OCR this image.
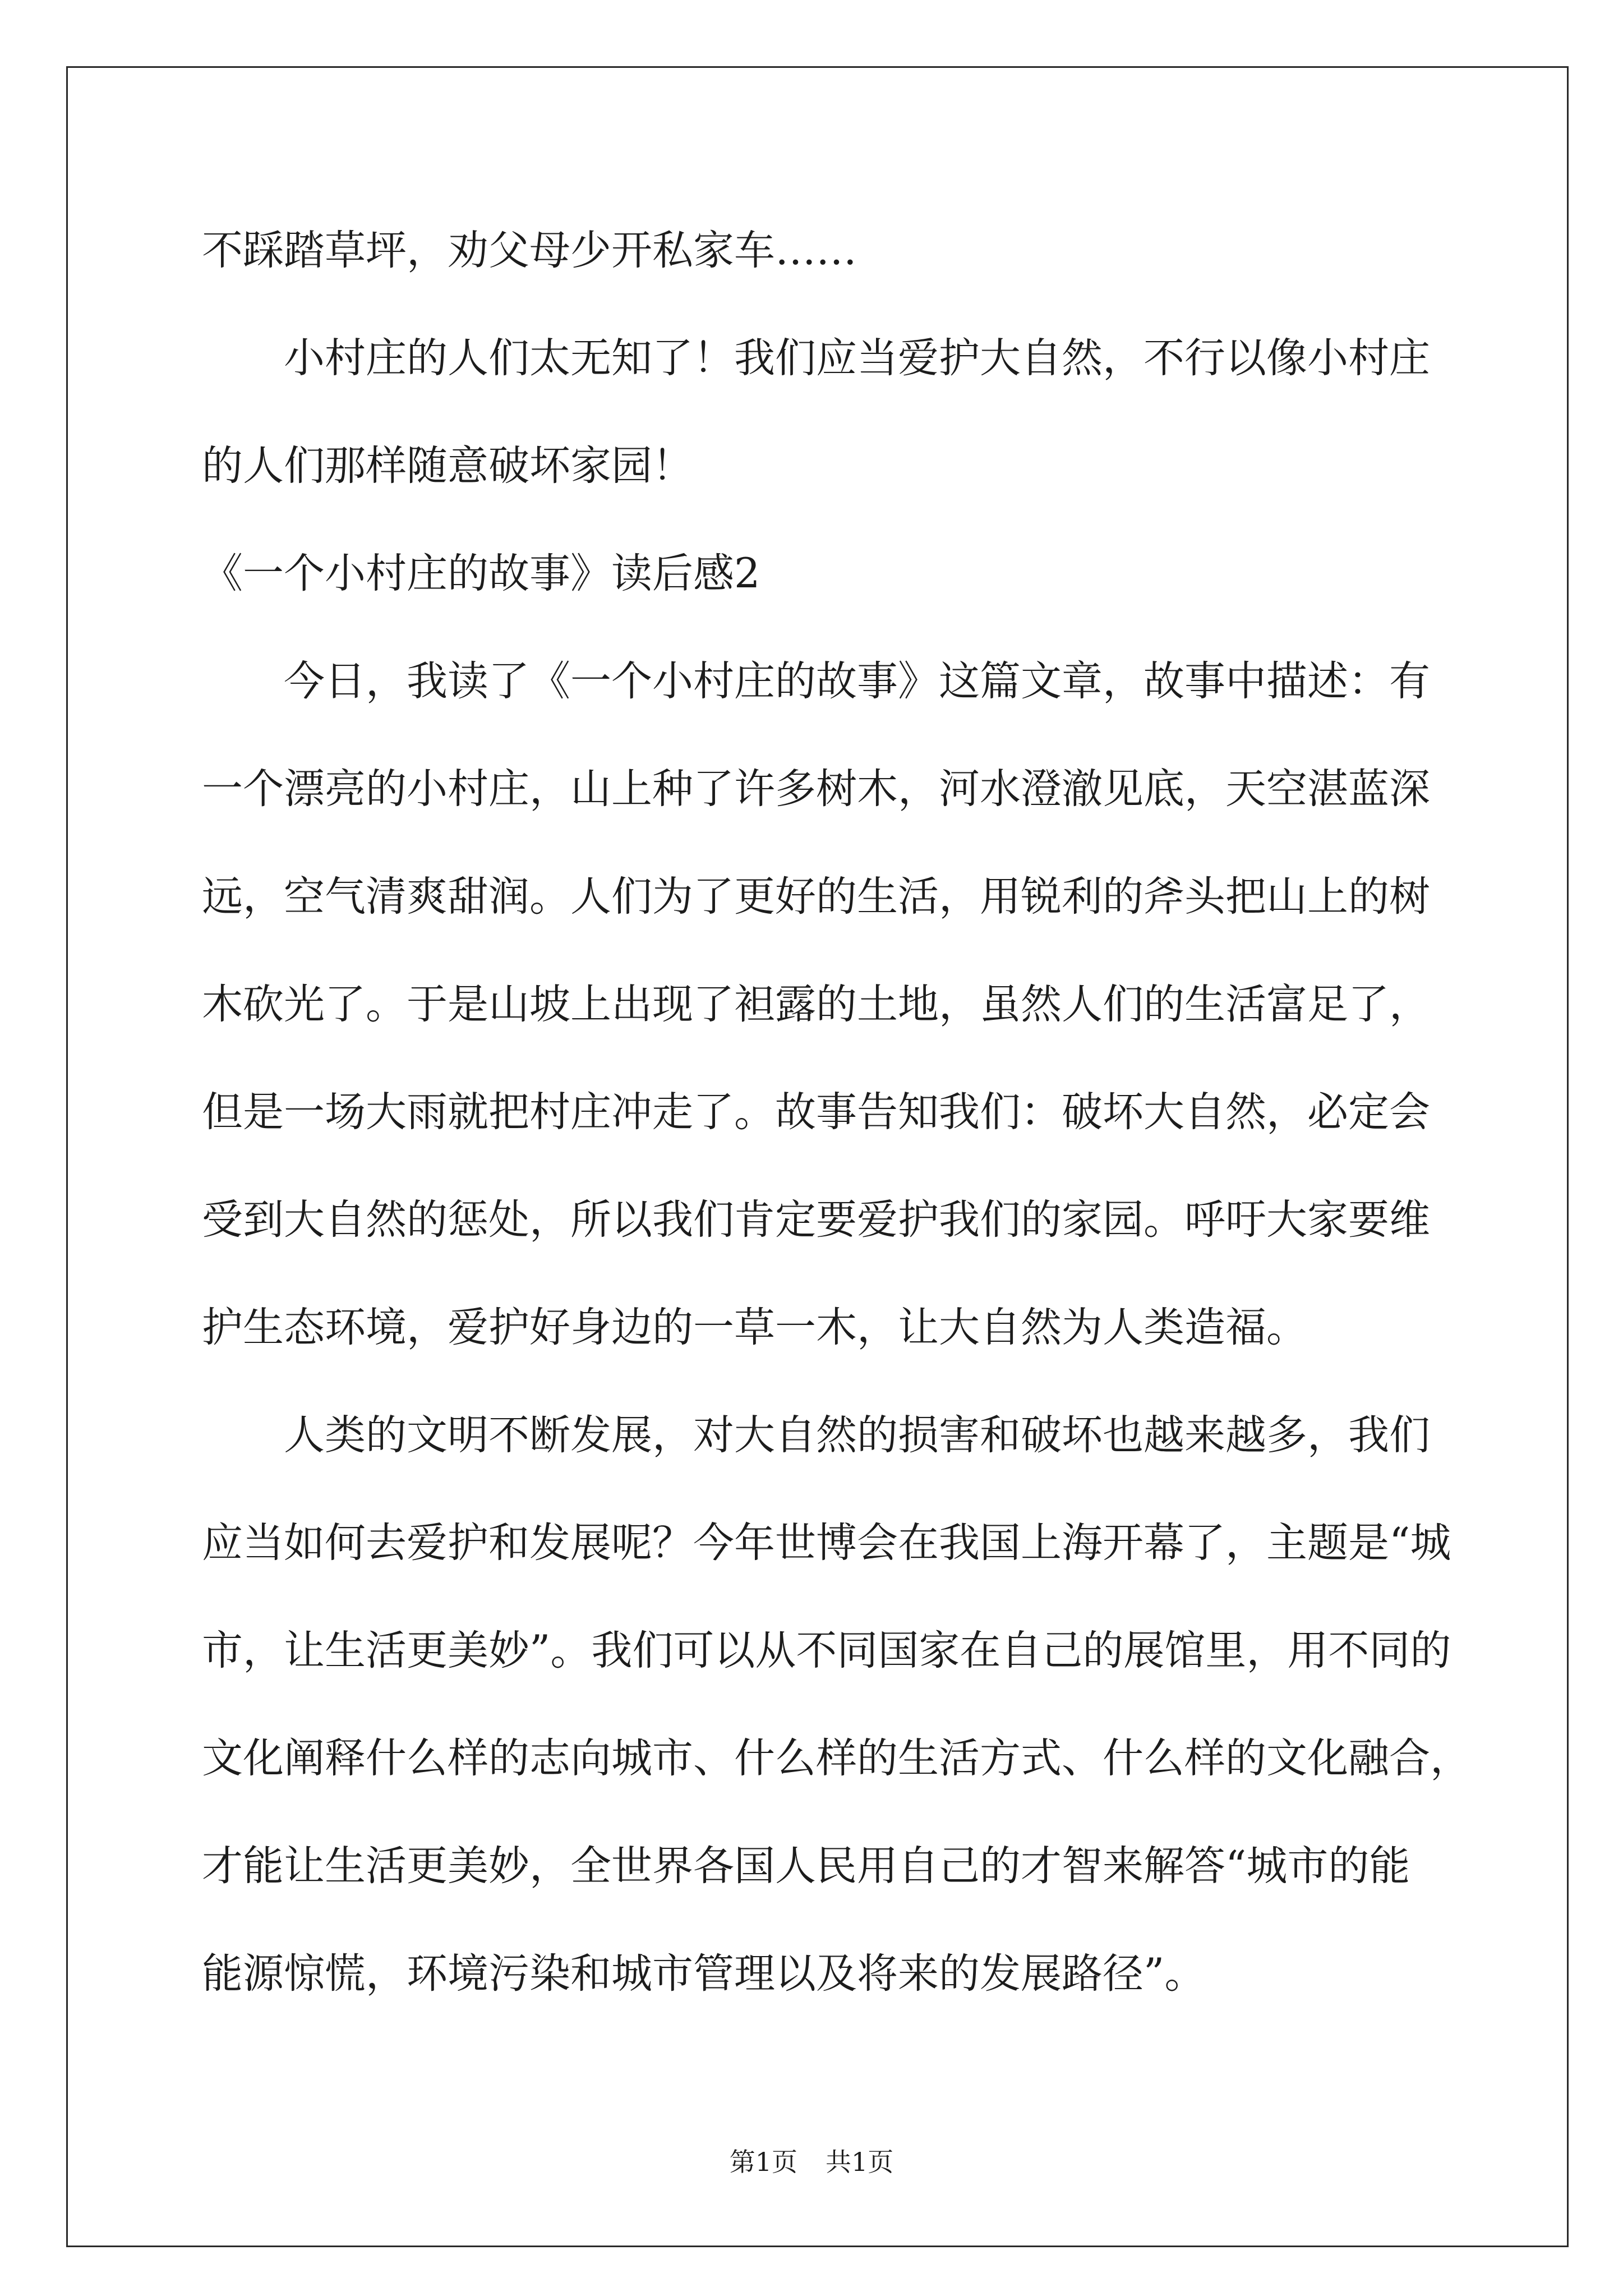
不踩踏草坪，劝父母少开私家车……
小村庄的人们太无知了！我们应当爱护大自然，不行以像小村庄
的人们那样随意破坏家园！
《一个小村庄的故事》读后感2
今日，我读了《一个小村庄的故事》这篇文章，故事中描述：有
一个漂亮的小村庄，山上种了许多树木，河水澄澈见底，天空湛蓝深
远，空气清爽甜润。人们为了更好的生活，用锐利的斧头把山上的树
木砍光了。于是山坡上出现了袒露的土地，虽然人们的生活富足了，
但是一场大雨就把村庄冲走了。故事告知我们：破坏大自然，必定会
受到大自然的惩处，所以我们肯定要爱护我们的家园。呼吁大家要维
护生态环境，爱护好身边的一草一木，让大自然为人类造福。
人类的文明不断发展，对大自然的损害和破坏也越来越多，我们
应当如何去爱护和发展呢？今年世博会在我国上海开幕了，主题是“城
市，让生活更美妙”。我们可以从不同国家在自己的展馆里，用不同的
文化阐释什么样的志向城市、什么样的生活方式、什么样的文化融合，
才能让生活更美妙，全世界各国人民用自己的才智来解答“城市的能
能源惊慌，环境污染和城市管理以及将来的发展路径”。
第1页 共1页
